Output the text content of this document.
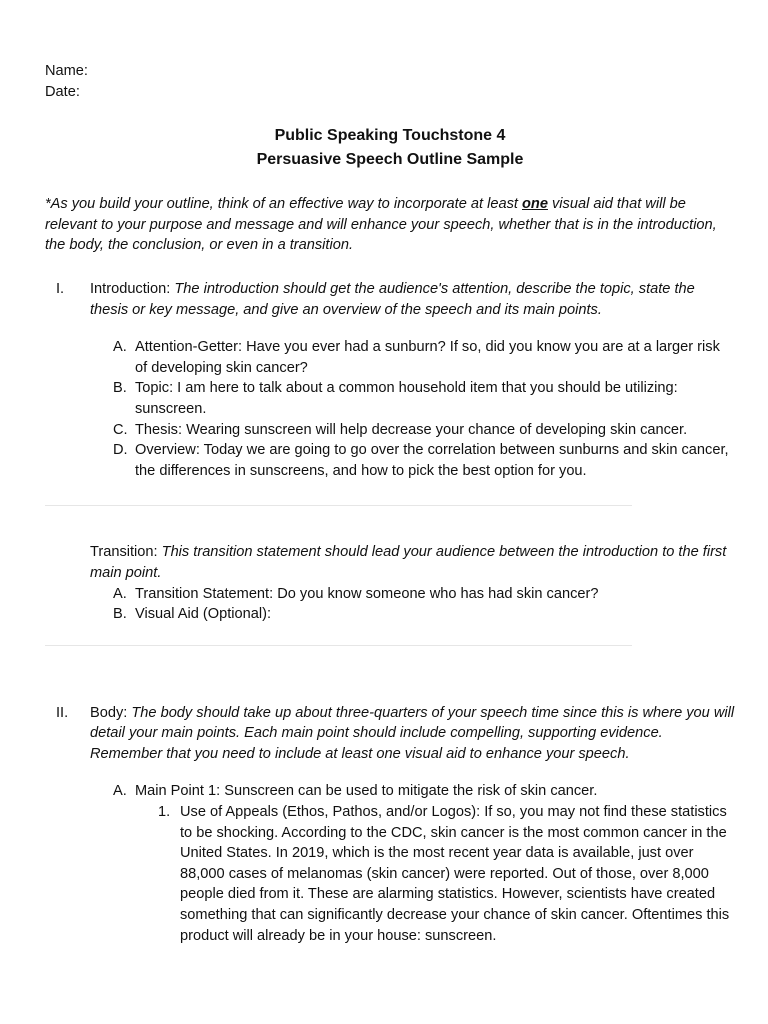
Name:
Date:
Public Speaking Touchstone 4
Persuasive Speech Outline Sample
*As you build your outline, think of an effective way to incorporate at least one visual aid that will be relevant to your purpose and message and will enhance your speech, whether that is in the introduction, the body, the conclusion, or even in a transition.
I. Introduction: The introduction should get the audience's attention, describe the topic, state the thesis or key message, and give an overview of the speech and its main points.
A. Attention-Getter: Have you ever had a sunburn? If so, did you know you are at a larger risk of developing skin cancer?
B. Topic: I am here to talk about a common household item that you should be utilizing: sunscreen.
C. Thesis: Wearing sunscreen will help decrease your chance of developing skin cancer.
D. Overview: Today we are going to go over the correlation between sunburns and skin cancer, the differences in sunscreens, and how to pick the best option for you.
Transition: This transition statement should lead your audience between the introduction to the first main point.
A. Transition Statement: Do you know someone who has had skin cancer?
B. Visual Aid (Optional):
II. Body: The body should take up about three-quarters of your speech time since this is where you will detail your main points. Each main point should include compelling, supporting evidence. Remember that you need to include at least one visual aid to enhance your speech.
A. Main Point 1: Sunscreen can be used to mitigate the risk of skin cancer.
1. Use of Appeals (Ethos, Pathos, and/or Logos): If so, you may not find these statistics to be shocking. According to the CDC, skin cancer is the most common cancer in the United States. In 2019, which is the most recent year data is available, just over 88,000 cases of melanomas (skin cancer) were reported. Out of those, over 8,000 people died from it. These are alarming statistics. However, scientists have created something that can significantly decrease your chance of skin cancer. Oftentimes this product will already be in your house: sunscreen.
